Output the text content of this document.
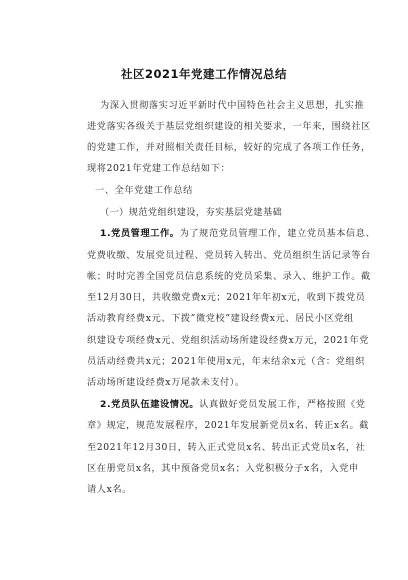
社区2021年党建工作情况总结
为深入贯彻落实习近平新时代中国特色社会主义思想，扎实推
进党落实各级关于基层党组织建设的相关要求，一年来，围绕社区
的党建工作，并对照相关责任目标，较好的完成了各项工作任务，
现将2021年党建工作总结如下：
一、全年党建工作总结
（一）规范党组织建设，夯实基层党建基础
1.党员管理工作。为了规范党员管理工作，建立党员基本信息、
党费收缴、发展党员过程、党员转入转出、党员组织生活记录等台
帐；时时完善全国党员信息系统的党员采集、录入、维护工作。截
至12月30日，共收缴党费x元；2021年年初x元，收到下拨党员
活动教育经费x元、下拨”微党校”建设经费x元、居民小区党组
织建设专项经费x元、党组织活动场所建设经费x万元，2021年党
员活动经费共x元；2021年使用x元，年末结余x元（含：党组织
活动场所建设经费x万尾款未支付）。
2.党员队伍建设情况。认真做好党员发展工作，严格按照《党
章》规定，规范发展程序，2021年发展新党员x名、转正x名。截
至2021年12月30日，转入正式党员x名、转出正式党员x名，社
区在册党员x名，其中预备党员x名；入党积极分子x名，入党申
请人x名。
